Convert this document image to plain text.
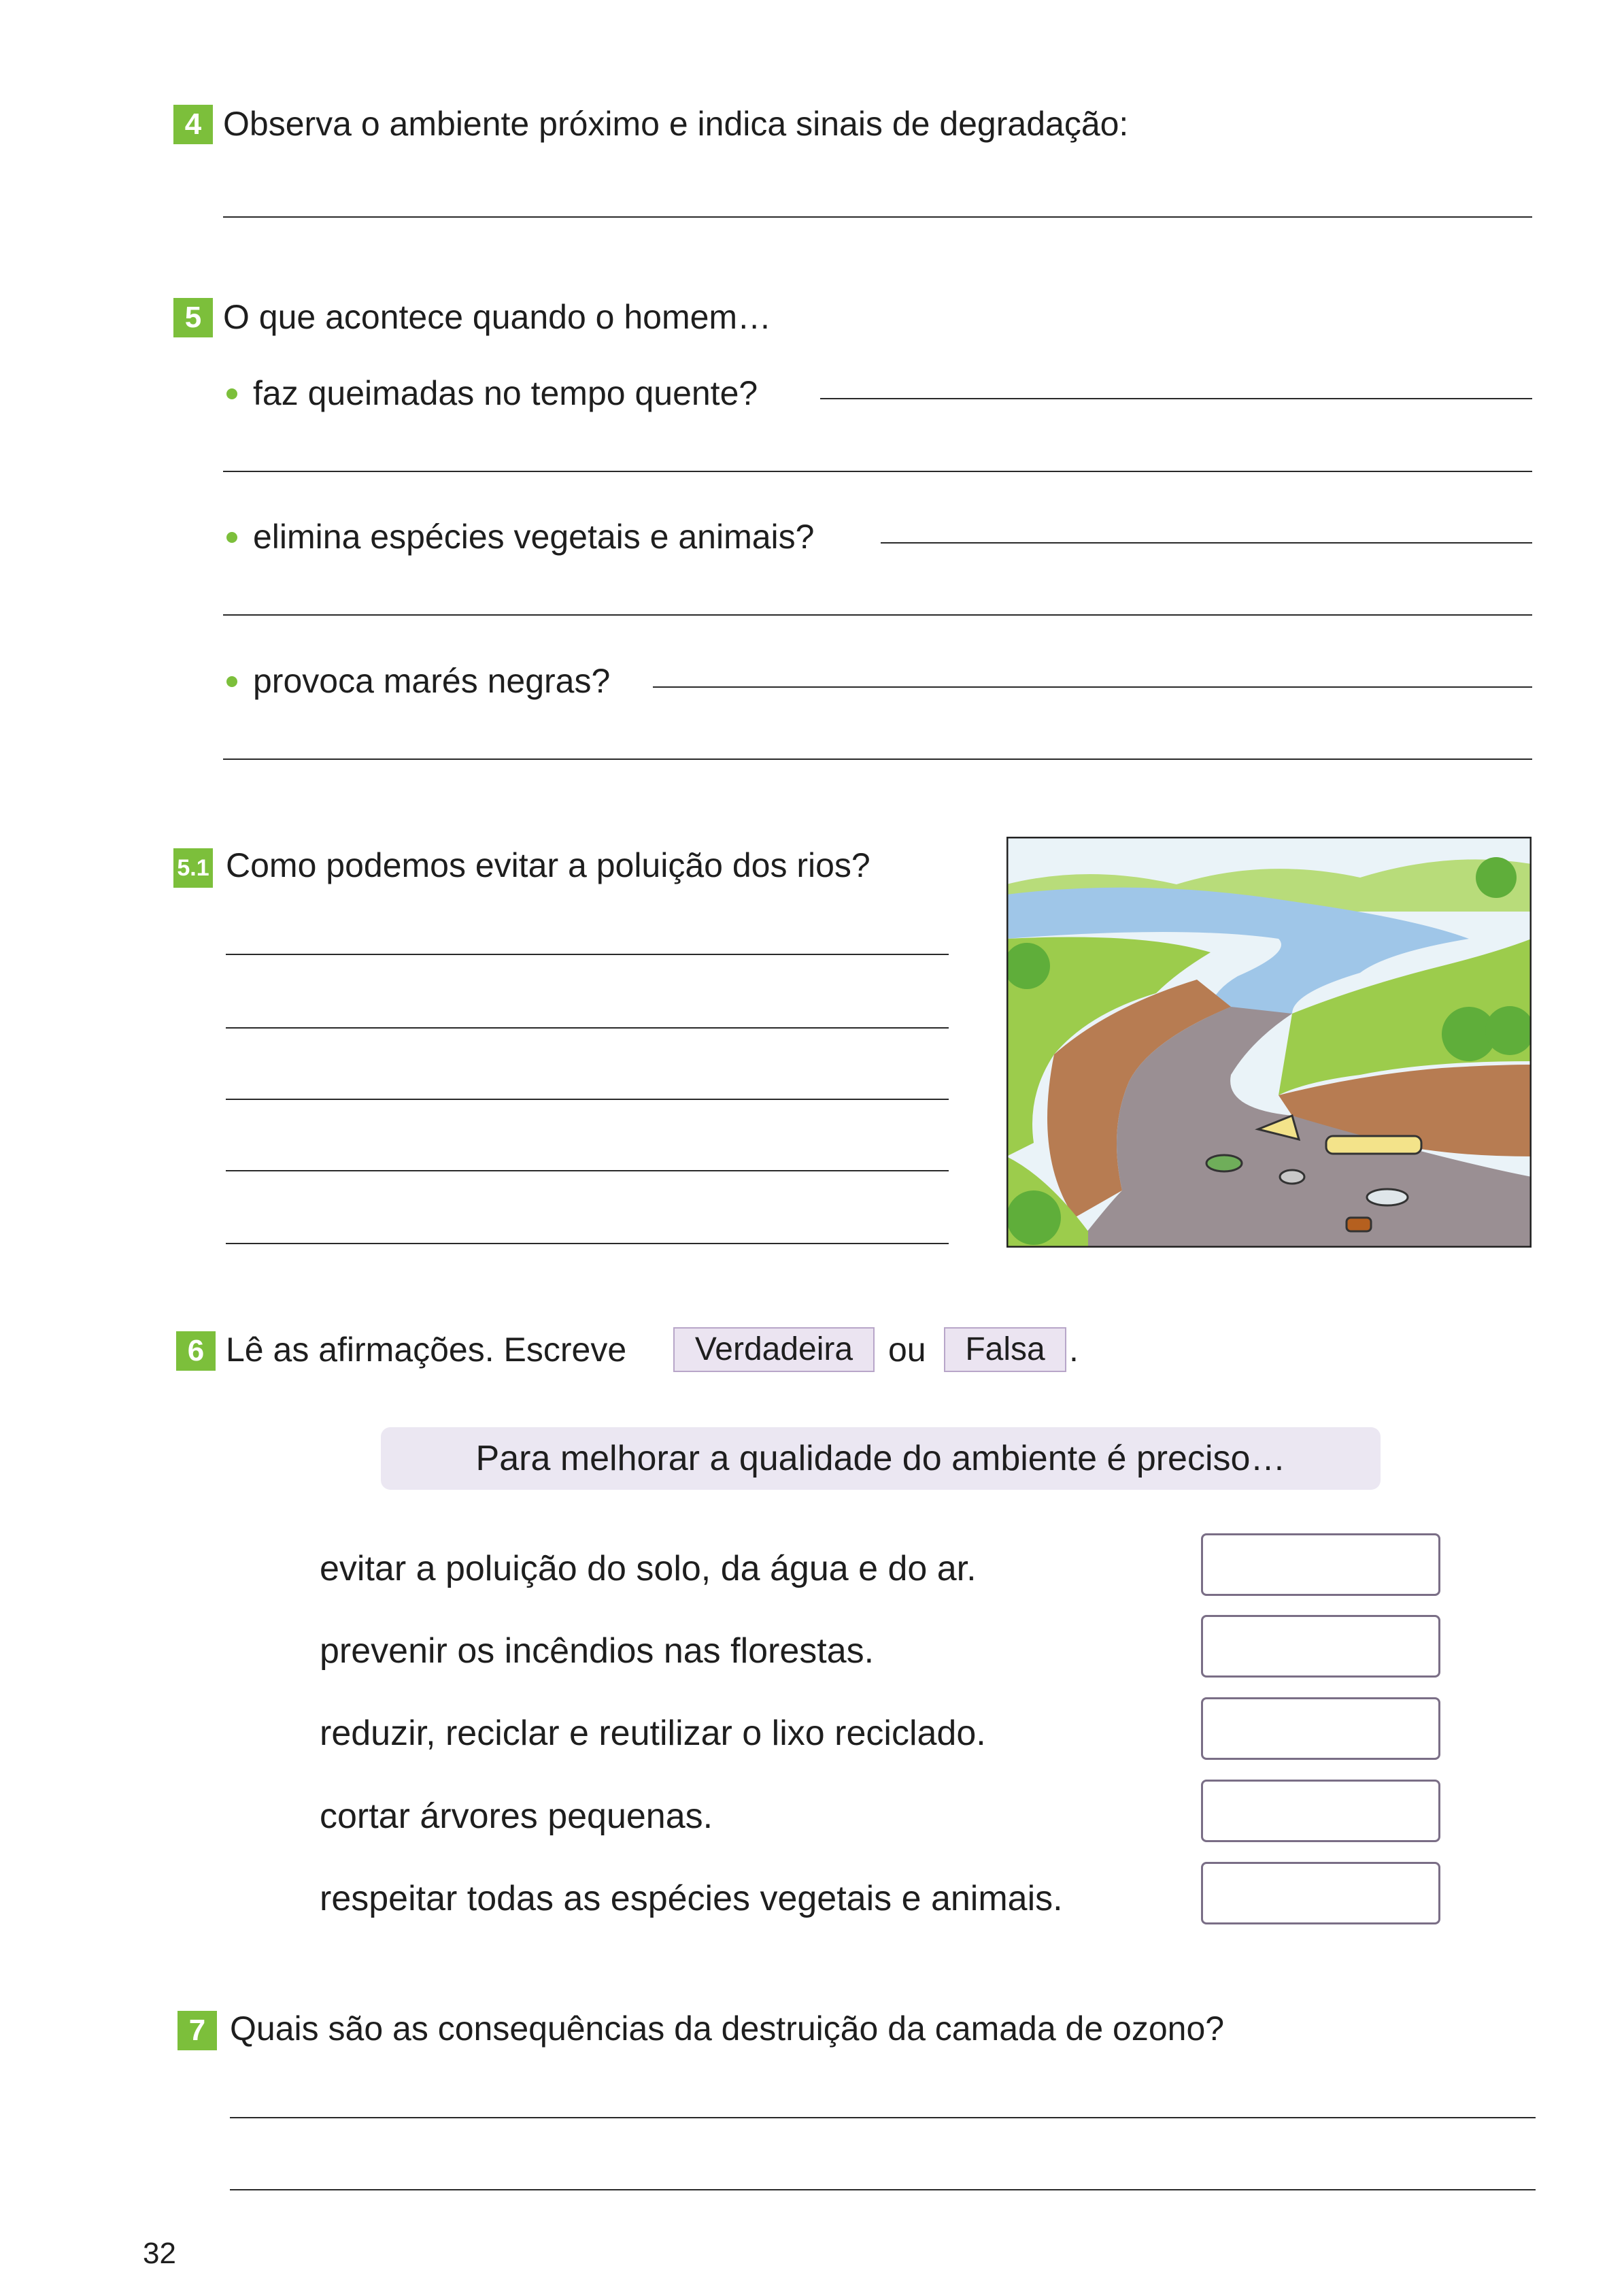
4 Observa o ambiente próximo e indica sinais de degradação:
5 O que acontece quando o homem…
faz queimadas no tempo quente?
elimina espécies vegetais e animais?
provoca marés negras?
5.1 Como podemos evitar a poluição dos rios?
6 Lê as afirmações. Escreve	Verdadeira	ou	Falsa .
Para melhorar a qualidade do ambiente é preciso…
evitar a poluição do solo, da água e do ar.
prevenir os incêndios nas florestas.
reduzir, reciclar e reutilizar o lixo reciclado.
cortar árvores pequenas.
respeitar todas as espécies vegetais e animais.
7 Quais são as consequências da destruição da camada de ozono?
32
